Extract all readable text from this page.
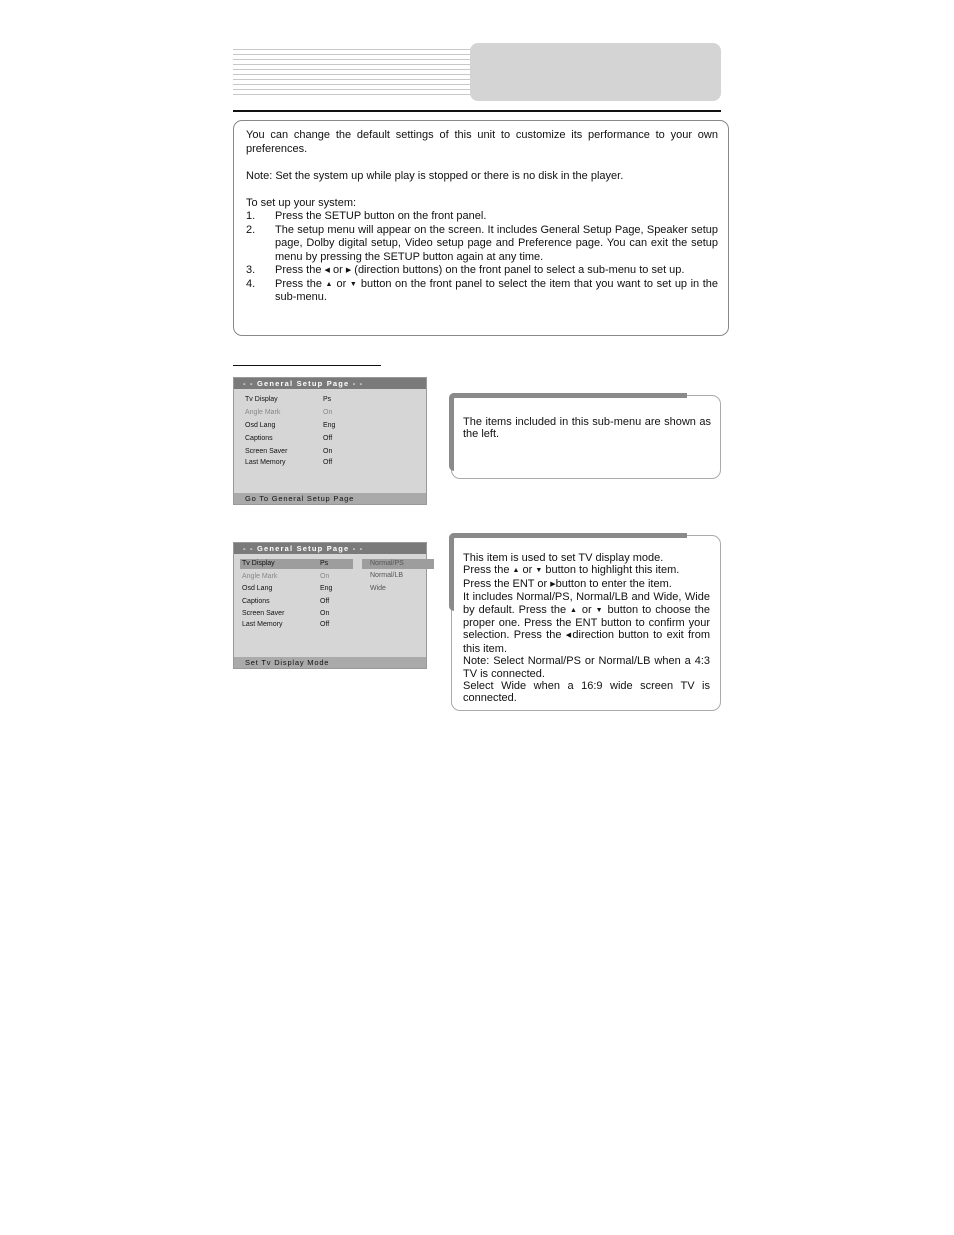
You can change the default settings of this unit to customize its performance to your own preferences.

Note: Set the system up while play is stopped or there is no disk in the player.

To set up your system:

1. Press the SETUP button on the front panel.
2. The setup menu will appear on the screen. It includes General Setup Page, Speaker setup page, Dolby digital setup, Video setup page and Preference page. You can exit the setup menu by pressing the SETUP button again at any time.
3. Press the ◀ or ▶ (direction buttons) on the front panel to select a sub-menu to set up.
4. Press the ▲ or ▼ button on the front panel to select the item that you want to set up in the sub-menu.
- - General Setup Page - -
Tv Display	Ps
Angle Mark	On
Osd Lang	Eng
Captions	Off
Screen Saver	On
Last Memory	Off
Go To General Setup Page

The items included in this sub-menu are shown as the left.

- - General Setup Page - -
Tv Display	Ps
Angle Mark	On
Osd Lang	Eng
Captions	Off
Screen Saver	On
Last Memory	Off
Normal/PS
Normal/LB
Wide
Set Tv Display Mode

This item is used to set TV display mode.

Press the ▲ or ▼ button to highlight this item.

Press the ENT or ▶button to enter the item.

It includes Normal/PS, Normal/LB and Wide, Wide by default. Press the ▲ or ▼ button to choose the proper one. Press the ENT button to confirm your selection. Press the ◀direction button to exit from this item.

Note: Select Normal/PS or Normal/LB when a 4:3 TV is connected.

Select Wide when a 16:9 wide screen TV is connected.
